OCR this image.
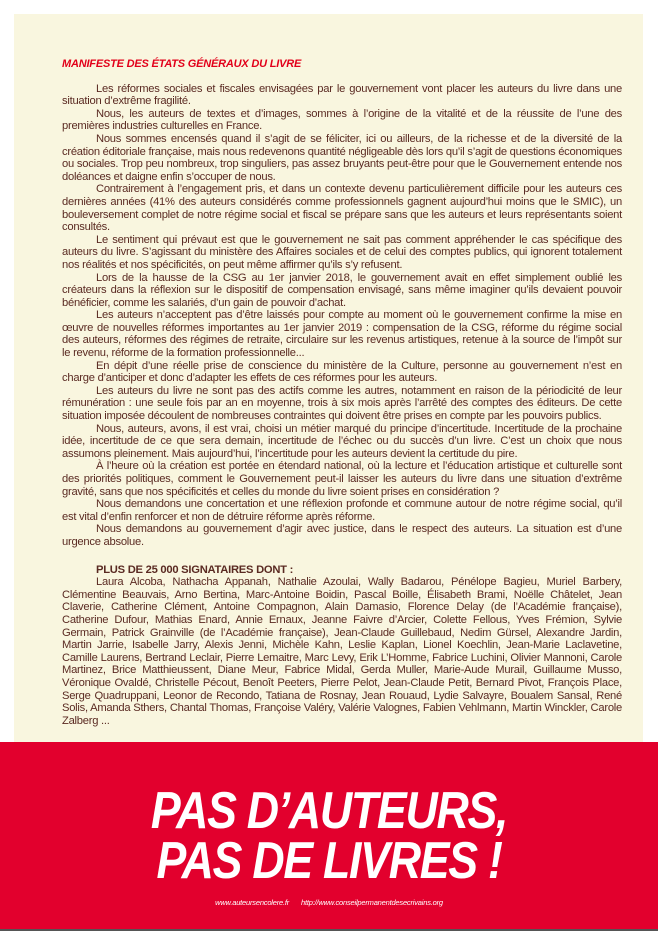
MANIFESTE DES ÉTATS GÉNÉRAUX DU LIVRE

Les réformes sociales et fiscales envisagées par le gouvernement vont placer les auteurs du livre dans une situation d’extrême fragilité.

Nous, les auteurs de textes et d’images, sommes à l’origine de la vitalité et de la réussite de l’une des premières industries culturelles en France.

Nous sommes encensés quand il s’agit de se féliciter, ici ou ailleurs, de la richesse et de la diversité de la création éditoriale française, mais nous redevenons quantité négligeable dès lors qu’il s’agit de questions économiques ou sociales. Trop peu nombreux, trop singuliers, pas assez bruyants peut-être pour que le Gouvernement entende nos doléances et daigne enfin s’occuper de nous.

Contrairement à l’engagement pris, et dans un contexte devenu particulièrement difficile pour les auteurs ces dernières années (41% des auteurs considérés comme professionnels gagnent aujourd’hui moins que le SMIC), un bouleversement complet de notre régime social et fiscal se prépare sans que les auteurs et leurs représentants soient consultés.

Le sentiment qui prévaut est que le gouvernement ne sait pas comment appréhender le cas spécifique des auteurs du livre. S’agissant du ministère des Affaires sociales et de celui des comptes publics, qui ignorent totalement nos réalités et nos spécificités, on peut même affirmer qu’ils s’y refusent.

Lors de la hausse de la CSG au 1er janvier 2018, le gouvernement avait en effet simplement oublié les créateurs dans la réflexion sur le dispositif de compensation envisagé, sans même imaginer qu’ils devaient pouvoir bénéficier, comme les salariés, d’un gain de pouvoir d’achat.

Les auteurs n’acceptent pas d’être laissés pour compte au moment où le gouvernement confirme la mise en œuvre de nouvelles réformes importantes au 1er janvier 2019 : compensation de la CSG, réforme du régime social des auteurs, réformes des régimes de retraite, circulaire sur les revenus artistiques, retenue à la source de l’impôt sur le revenu, réforme de la formation professionnelle...

En dépit d’une réelle prise de conscience du ministère de la Culture, personne au gouvernement n’est en charge d’anticiper et donc d’adapter les effets de ces réformes pour les auteurs.

Les auteurs du livre ne sont pas des actifs comme les autres, notamment en raison de la périodicité de leur rémunération : une seule fois par an en moyenne, trois à six mois après l’arrêté des comptes des éditeurs. De cette situation imposée découlent de nombreuses contraintes qui doivent être prises en compte par les pouvoirs publics.

Nous, auteurs, avons, il est vrai, choisi un métier marqué du principe d’incertitude. Incertitude de la prochaine idée, incertitude de ce que sera demain, incertitude de l’échec ou du succès d’un livre. C’est un choix que nous assumons pleinement. Mais aujourd’hui, l’incertitude pour les auteurs devient la certitude du pire.

À l’heure où la création est portée en étendard national, où la lecture et l’éducation artistique et culturelle sont des priorités politiques, comment le Gouvernement peut-il laisser les auteurs du livre dans une situation d’extrême gravité, sans que nos spécificités et celles du monde du livre soient prises en considération ?

Nous demandons une concertation et une réflexion profonde et commune autour de notre régime social, qu’il est vital d’enfin renforcer et non de détruire réforme après réforme.

Nous demandons au gouvernement d’agir avec justice, dans le respect des auteurs. La situation est d’une urgence absolue.

PLUS DE 25 000 SIGNATAIRES DONT :

Laura Alcoba, Nathacha Appanah, Nathalie Azoulai, Wally Badarou, Pénélope Bagieu, Muriel Barbery, Clémentine Beauvais, Arno Bertina, Marc-Antoine Boidin, Pascal Boille, Élisabeth Brami, Noëlle Châtelet, Jean Claverie, Catherine Clément, Antoine Compagnon, Alain Damasio, Florence Delay (de l’Académie française), Catherine Dufour, Mathias Enard, Annie Ernaux, Jeanne Faivre d’Arcier, Colette Fellous, Yves Frémion, Sylvie Germain, Patrick Grainville (de l’Académie française), Jean-Claude Guillebaud, Nedim Gürsel, Alexandre Jardin, Martin Jarrie, Isabelle Jarry, Alexis Jenni, Michèle Kahn, Leslie Kaplan, Lionel Koechlin, Jean-Marie Laclavetine, Camille Laurens, Bertrand Leclair, Pierre Lemaitre, Marc Levy, Erik L’Homme, Fabrice Luchini, Olivier Mannoni, Carole Martinez, Brice Matthieussent, Diane Meur, Fabrice Midal, Gerda Muller, Marie-Aude Murail, Guillaume Musso, Véronique Ovaldé, Christelle Pécout, Benoît Peeters, Pierre Pelot, Jean-Claude Petit, Bernard Pivot, François Place, Serge Quadruppani, Leonor de Recondo, Tatiana de Rosnay, Jean Rouaud, Lydie Salvayre, Boualem Sansal, René Solis, Amanda Sthers, Chantal Thomas, Françoise Valéry, Valérie Valognes, Fabien Vehlmann, Martin Winckler, Carole Zalberg ...

PAS D’AUTEURS,
PAS DE LIVRES !
www.auteursencolere.fr http://www.conseilpermanentdesecrivains.org
